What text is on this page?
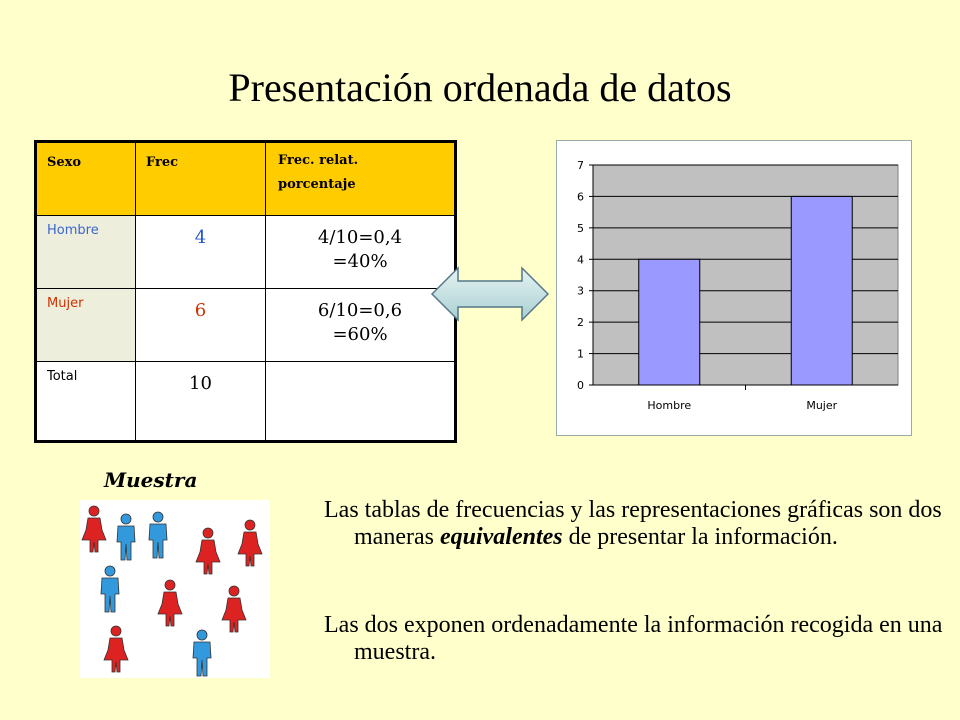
Presentación ordenada de datos
Sexo	Frec	Frec. relat.
porcentaje

Hombre	4	4/10=0,4
=40%

Mujer	6	6/10=0,6
=60%

Total	10		0
1
2
3
4
5
6
7
Hombre	Mujer
Muestra
Las tablas de frecuencias y las representaciones gráficas son dos maneras equivalentes de presentar la información.
Las dos exponen ordenadamente la información recogida en una muestra.
